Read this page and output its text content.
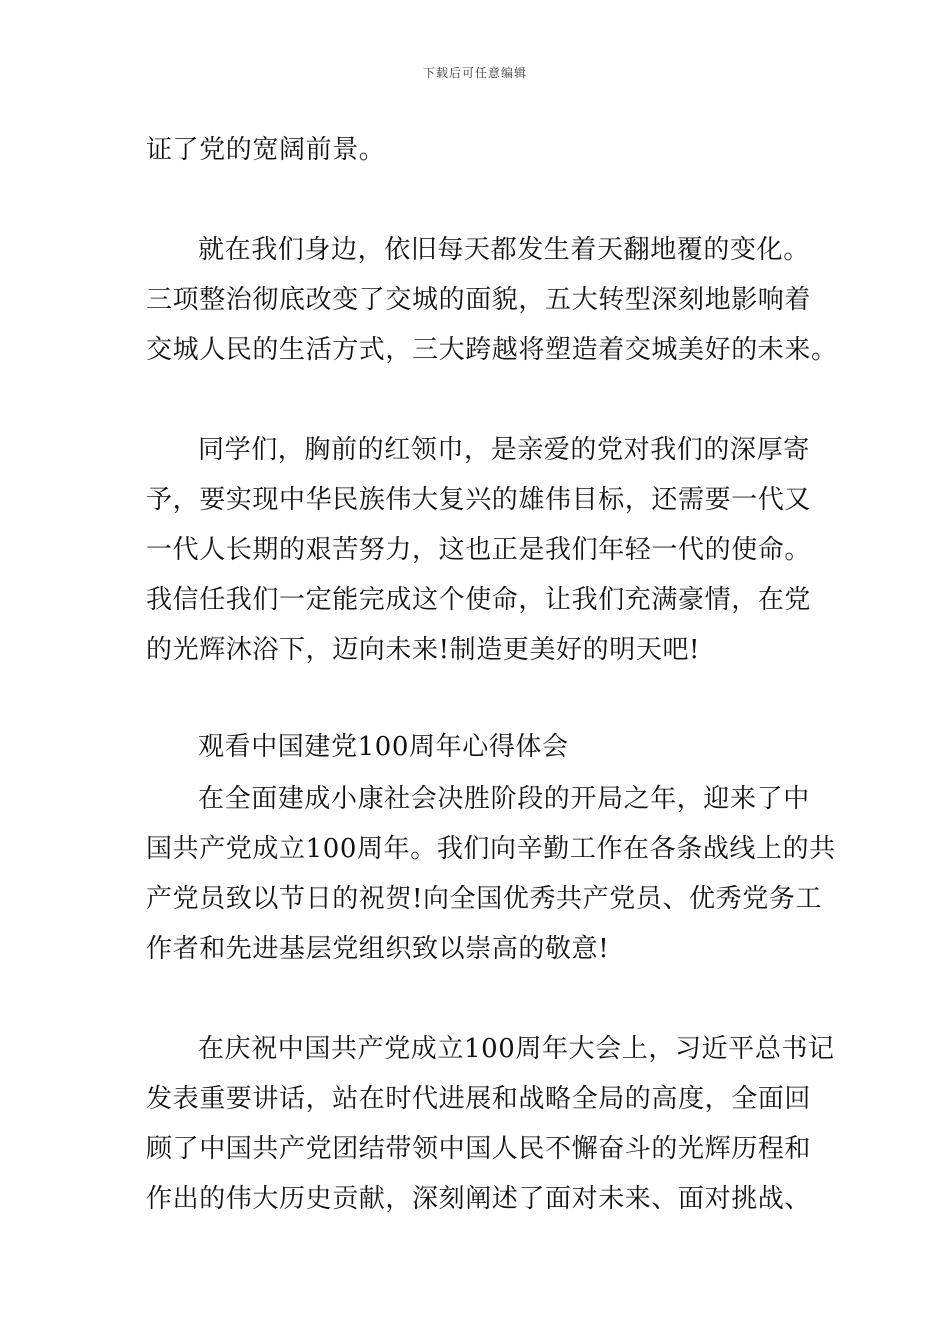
下载后可任意编辑
证了党的宽阔前景。
就在我们身边，依旧每天都发生着天翻地覆的变化。
三项整治彻底改变了交城的面貌，五大转型深刻地影响着
交城人民的生活方式，三大跨越将塑造着交城美好的未来。
同学们，胸前的红领巾，是亲爱的党对我们的深厚寄
予，要实现中华民族伟大复兴的雄伟目标，还需要一代又
一代人长期的艰苦努力，这也正是我们年轻一代的使命。
我信任我们一定能完成这个使命，让我们充满豪情，在党
的光辉沐浴下，迈向未来!制造更美好的明天吧!
观看中国建党100周年心得体会
在全面建成小康社会决胜阶段的开局之年，迎来了中
国共产党成立100周年。我们向辛勤工作在各条战线上的共
产党员致以节日的祝贺!向全国优秀共产党员、优秀党务工
作者和先进基层党组织致以崇高的敬意!
在庆祝中国共产党成立100周年大会上，习近平总书记
发表重要讲话，站在时代进展和战略全局的高度，全面回
顾了中国共产党团结带领中国人民不懈奋斗的光辉历程和
作出的伟大历史贡献，深刻阐述了面对未来、面对挑战、
